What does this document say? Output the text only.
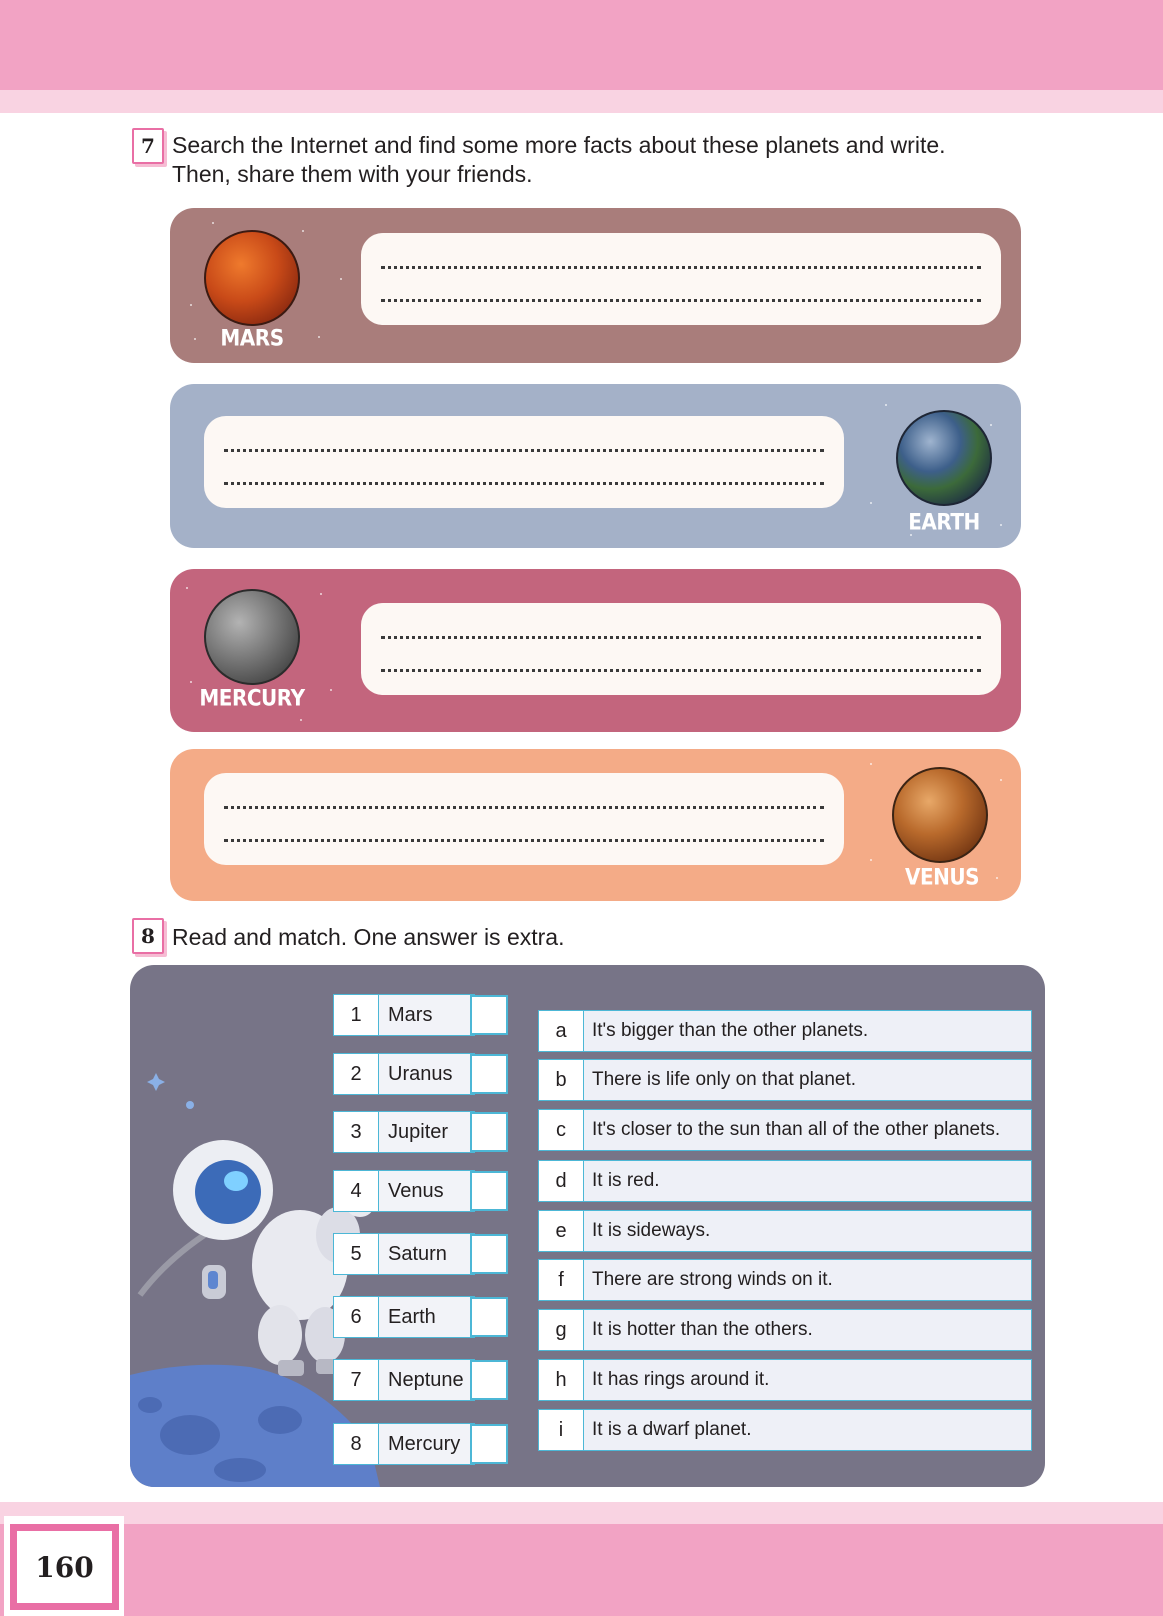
160
7 Search the Internet and find some more facts about these planets and write.
Then, share them with your friends.
MARS
EARTH
MERCURY
VENUS
8 Read and match. One answer is extra.
1	Mars
2	Uranus
3	Jupiter
4	Venus
5	Saturn
6	Earth
7	Neptune
8	Mercury
a	It's bigger than the other planets.
b	There is life only on that planet.
c	It's closer to the sun than all of the other planets.
d	It is red.
e	It is sideways.
f	There are strong winds on it.
g	It is hotter than the others.
h	It has rings around it.
i	It is a dwarf planet.
